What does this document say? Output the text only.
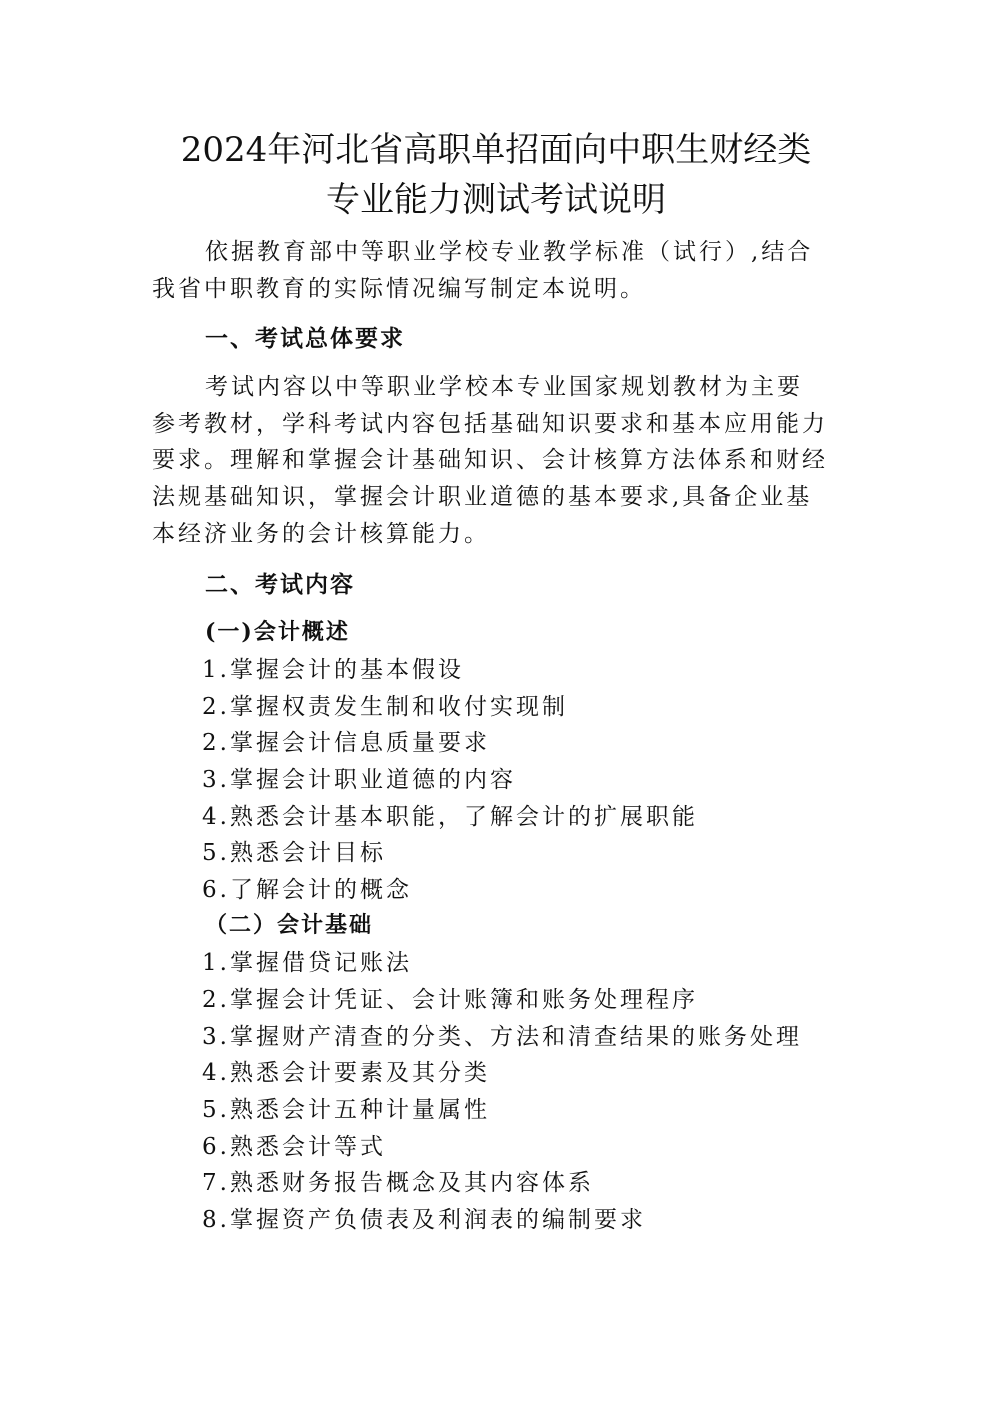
2024年河北省高职单招面向中职生财经类
专业能力测试考试说明
依据教育部中等职业学校专业教学标准（试行）,结合
我省中职教育的实际情况编写制定本说明。
一、考试总体要求
考试内容以中等职业学校本专业国家规划教材为主要
参考教材，学科考试内容包括基础知识要求和基本应用能力
要求。理解和掌握会计基础知识、会计核算方法体系和财经
法规基础知识，掌握会计职业道德的基本要求,具备企业基
本经济业务的会计核算能力。
二、考试内容
(一)会计概述
1.掌握会计的基本假设
2.掌握权责发生制和收付实现制
2.掌握会计信息质量要求
3.掌握会计职业道德的内容
4.熟悉会计基本职能，了解会计的扩展职能
5.熟悉会计目标
6.了解会计的概念
（二）会计基础
1.掌握借贷记账法
2.掌握会计凭证、会计账簿和账务处理程序
3.掌握财产清查的分类、方法和清查结果的账务处理
4.熟悉会计要素及其分类
5.熟悉会计五种计量属性
6.熟悉会计等式
7.熟悉财务报告概念及其内容体系
8.掌握资产负债表及利润表的编制要求
